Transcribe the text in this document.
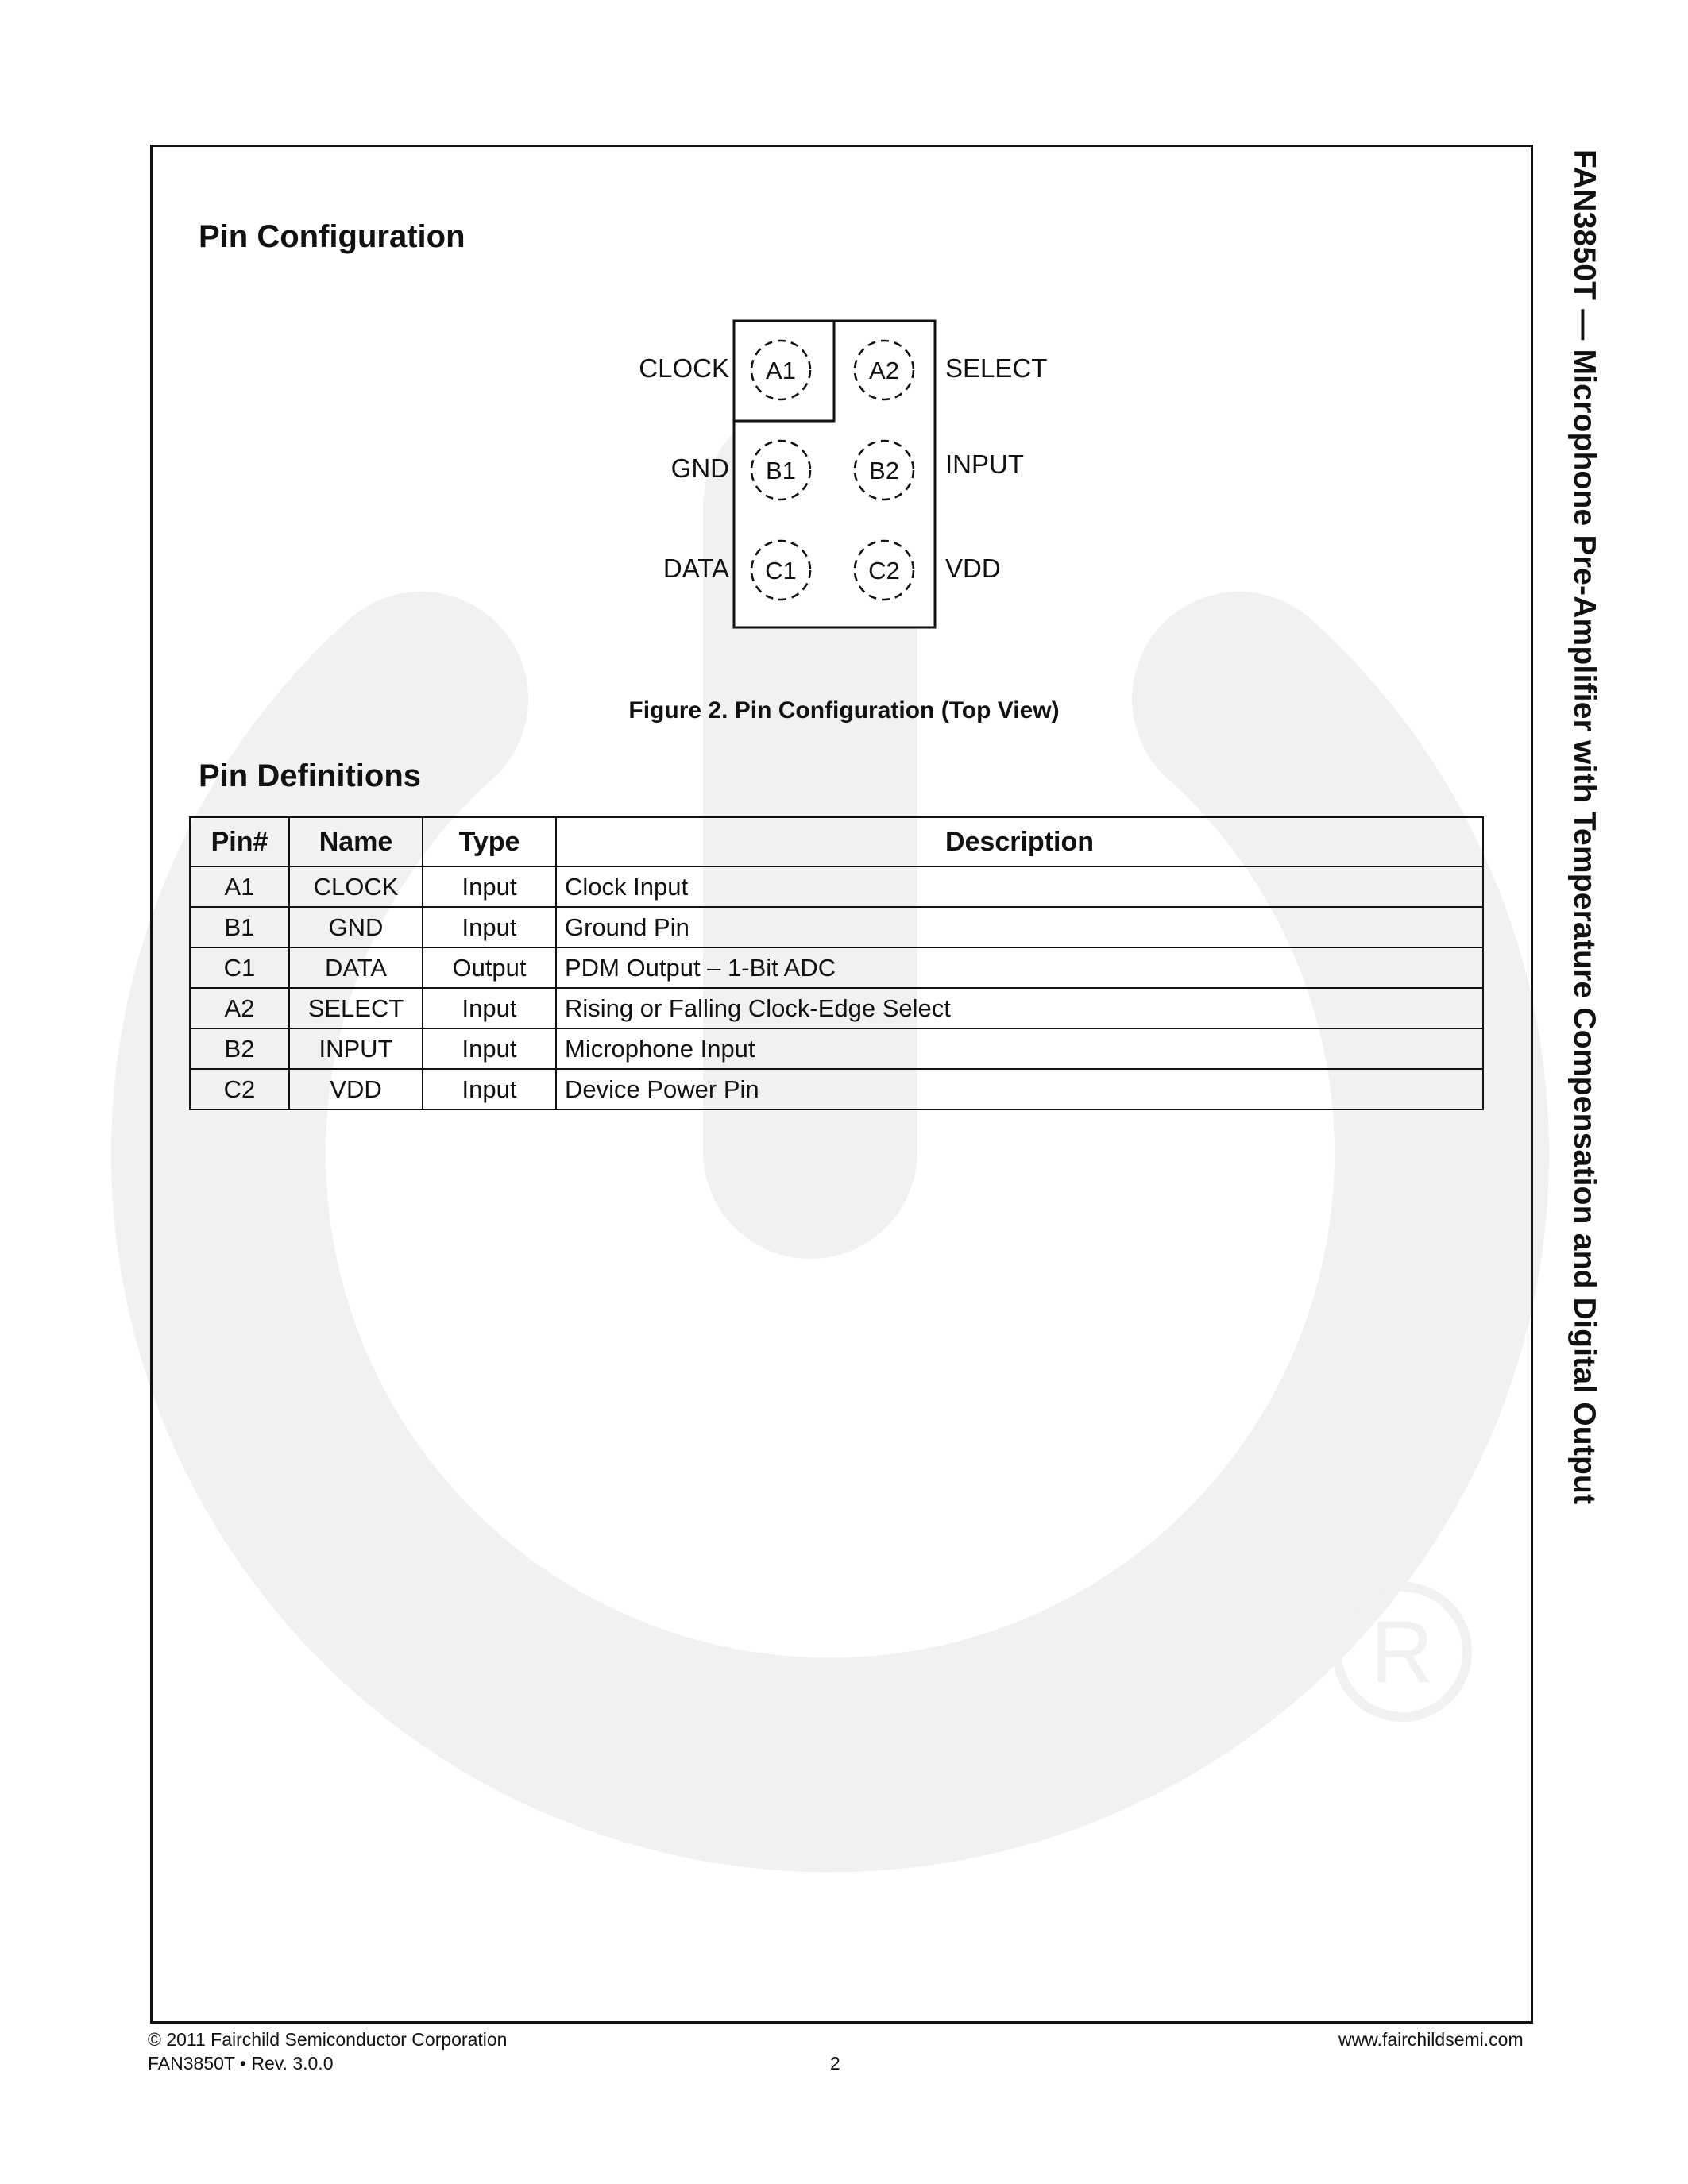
R
FAN3850T — Microphone Pre-Amplifier with Temperature Compensation and Digital Output
Pin Configuration
A1	A2
B1	B2
C1	C2
CLOCK	SELECT
GND	INPUT
DATA	VDD
Figure 2. Pin Configuration (Top View)
Pin Definitions
Pin#	Name	Type	Description
A1	CLOCK	Input	Clock Input
B1	GND	Input	Ground Pin
C1	DATA	Output	PDM Output – 1-Bit ADC
A2	SELECT	Input	Rising or Falling Clock-Edge Select
B2	INPUT	Input	Microphone Input
C2	VDD	Input	Device Power Pin
© 2011 Fairchild Semiconductor Corporation
FAN3850T • Rev. 3.0.0	2
www.fairchildsemi.com
